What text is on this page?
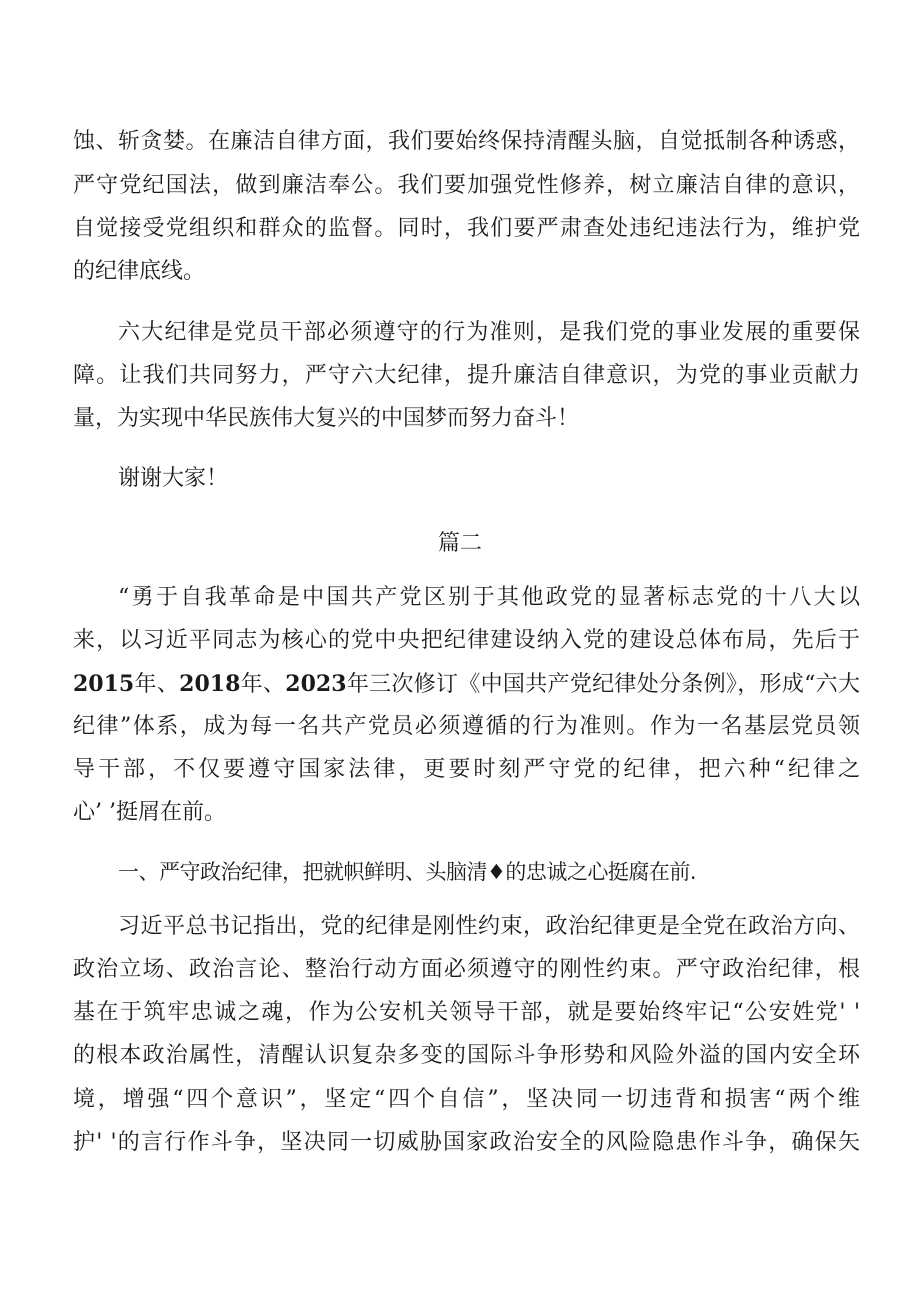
蚀、斩贪婪。在廉洁自律方面，我们要始终保持清醒头脑，自觉抵制各种诱惑，
严守党纪国法，做到廉洁奉公。我们要加强党性修养，树立廉洁自律的意识，
自觉接受党组织和群众的监督。同时，我们要严肃查处违纪违法行为，维护党
的纪律底线。
六大纪律是党员干部必须遵守的行为准则，是我们党的事业发展的重要保
障。让我们共同努力，严守六大纪律，提升廉洁自律意识，为党的事业贡献力
量，为实现中华民族伟大复兴的中国梦而努力奋斗！
谢谢大家！
篇二
“勇于自我革命是中国共产党区别于其他政党的显著标志党的十八大以
来，以习近平同志为核心的党中央把纪律建设纳入党的建设总体布局，先后于
2015年、2018年、2023年三次修订《中国共产党纪律处分条例》，形成“六大
纪律”体系，成为每一名共产党员必须遵循的行为准则。作为一名基层党员领
导干部，不仅要遵守国家法律，更要时刻严守党的纪律，把六种“纪律之
心’ ’挺屑在前。
一、严守政治纪律，把就帜鲜明、头脑清♦的忠诚之心挺腐在前.
习近平总书记指出，党的纪律是刚性约束，政治纪律更是全党在政治方向、
政治立场、政治言论、整治行动方面必须遵守的刚性约束。严守政治纪律，根
基在于筑牢忠诚之魂，作为公安机关领导干部，就是要始终牢记“公安姓党' '
的根本政治属性，清醒认识复杂多变的国际斗争形势和风险外溢的国内安全环
境，增强“四个意识”，坚定“四个自信”，坚决同一切违背和损害“两个维
护' '的言行作斗争，坚决同一切威胁国家政治安全的风险隐患作斗争，确保矢
